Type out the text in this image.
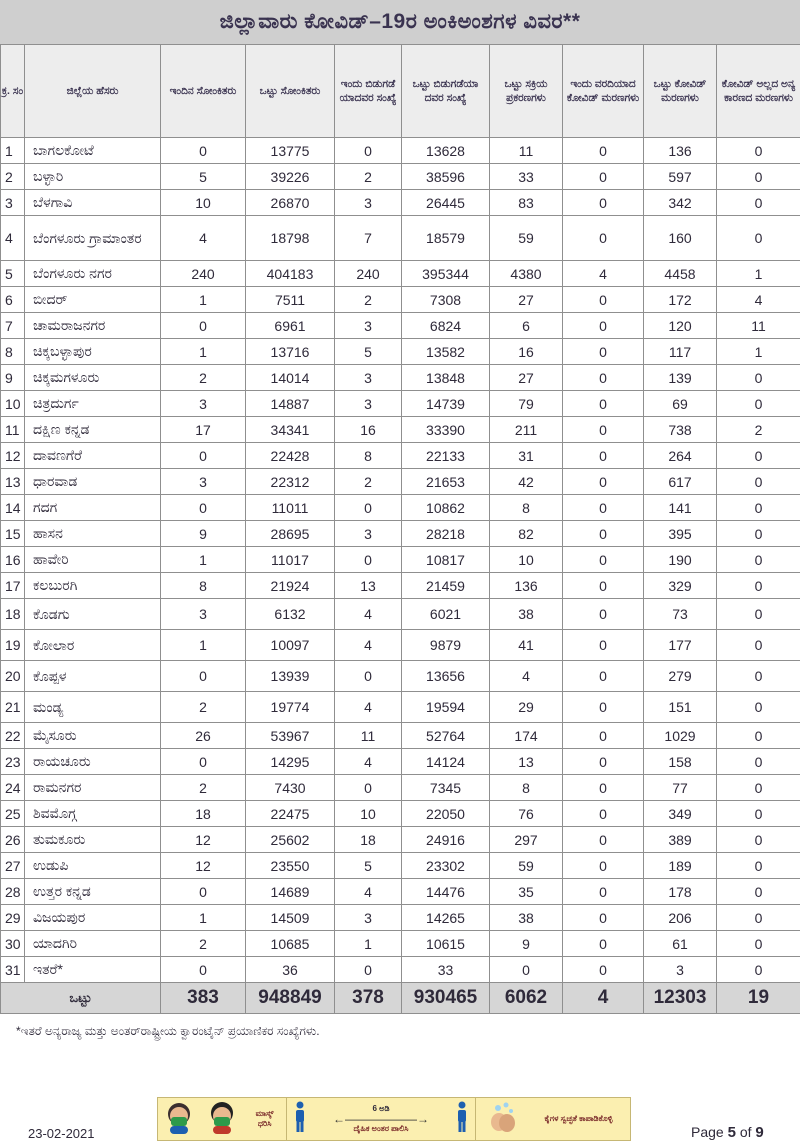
ಜಿಲ್ಲಾವಾರು ಕೋವಿಡ್–19ರ ಅಂಕಿಅಂಶಗಳ ವಿವರ**
ಕ್ರ. ಸಂ	ಜಿಲ್ಲೆಯ ಹೆಸರು	ಇಂದಿನ ಸೋಂಕಿತರು	ಒಟ್ಟು ಸೋಂಕಿತರು	ಇಂದು ಬಿಡುಗಡೆ ಯಾದವರ ಸಂಖ್ಯೆ	ಒಟ್ಟು ಬಿಡುಗಡೆಯಾ ದವರ ಸಂಖ್ಯೆ	ಒಟ್ಟು ಸಕ್ರಿಯ ಪ್ರಕರಣಗಳು	ಇಂದು ವರದಿಯಾದ ಕೋವಿಡ್ ಮರಣಗಳು	ಒಟ್ಟು ಕೋವಿಡ್ ಮರಣಗಳು	ಕೋವಿಡ್ ಅಲ್ಲದ ಅನ್ಯ ಕಾರಣದ ಮರಣಗಳು
1	ಬಾಗಲಕೋಟೆ	0	13775	0	13628	11	0	136	0
2	ಬಳ್ಳಾರಿ	5	39226	2	38596	33	0	597	0
3	ಬೆಳಗಾವಿ	10	26870	3	26445	83	0	342	0
4	ಬೆಂಗಳೂರು ಗ್ರಾಮಾಂತರ	4	18798	7	18579	59	0	160	0
5	ಬೆಂಗಳೂರು ನಗರ	240	404183	240	395344	4380	4	4458	1
6	ಬೀದರ್	1	7511	2	7308	27	0	172	4
7	ಚಾಮರಾಜನಗರ	0	6961	3	6824	6	0	120	11
8	ಚಿಕ್ಕಬಳ್ಳಾಪುರ	1	13716	5	13582	16	0	117	1
9	ಚಿಕ್ಕಮಗಳೂರು	2	14014	3	13848	27	0	139	0
10	ಚಿತ್ರದುರ್ಗ	3	14887	3	14739	79	0	69	0
11	ದಕ್ಷಿಣ ಕನ್ನಡ	17	34341	16	33390	211	0	738	2
12	ದಾವಣಗೆರೆ	0	22428	8	22133	31	0	264	0
13	ಧಾರವಾಡ	3	22312	2	21653	42	0	617	0
14	ಗದಗ	0	11011	0	10862	8	0	141	0
15	ಹಾಸನ	9	28695	3	28218	82	0	395	0
16	ಹಾವೇರಿ	1	11017	0	10817	10	0	190	0
17	ಕಲಬುರಗಿ	8	21924	13	21459	136	0	329	0
18	ಕೊಡಗು	3	6132	4	6021	38	0	73	0
19	ಕೋಲಾರ	1	10097	4	9879	41	0	177	0
20	ಕೊಪ್ಪಳ	0	13939	0	13656	4	0	279	0
21	ಮಂಡ್ಯ	2	19774	4	19594	29	0	151	0
22	ಮೈಸೂರು	26	53967	11	52764	174	0	1029	0
23	ರಾಯಚೂರು	0	14295	4	14124	13	0	158	0
24	ರಾಮನಗರ	2	7430	0	7345	8	0	77	0
25	ಶಿವಮೊಗ್ಗ	18	22475	10	22050	76	0	349	0
26	ತುಮಕೂರು	12	25602	18	24916	297	0	389	0
27	ಉಡುಪಿ	12	23550	5	23302	59	0	189	0
28	ಉತ್ತರ ಕನ್ನಡ	0	14689	4	14476	35	0	178	0
29	ವಿಜಯಪುರ	1	14509	3	14265	38	0	206	0
30	ಯಾದಗಿರಿ	2	10685	1	10615	9	0	61	0
31	ಇತರೆ*	0	36	0	33	0	0	3	0
ಒಟ್ಟು		383	948849	378	930465	6062	4	12303	19
*ಇತರೆ ಅನ್ಯರಾಜ್ಯ ಮತ್ತು ಅಂತರ್‌ರಾಷ್ಟ್ರೀಯ ಕ್ವಾರಂಟೈನ್ ಪ್ರಯಾಣಿಕರ ಸಂಖ್ಯೆಗಳು.
23-02-2021
ಮಾಸ್ಕ್ ಧರಿಸಿ
6 ಅಡಿ
←――――――→
ದೈಹಿಕ ಅಂತರ ಪಾಲಿಸಿ
ಕೈಗಳ ಸ್ವಚ್ಛತೆ ಕಾಪಾಡಿಕೊಳ್ಳಿ
Page 5 of 9
